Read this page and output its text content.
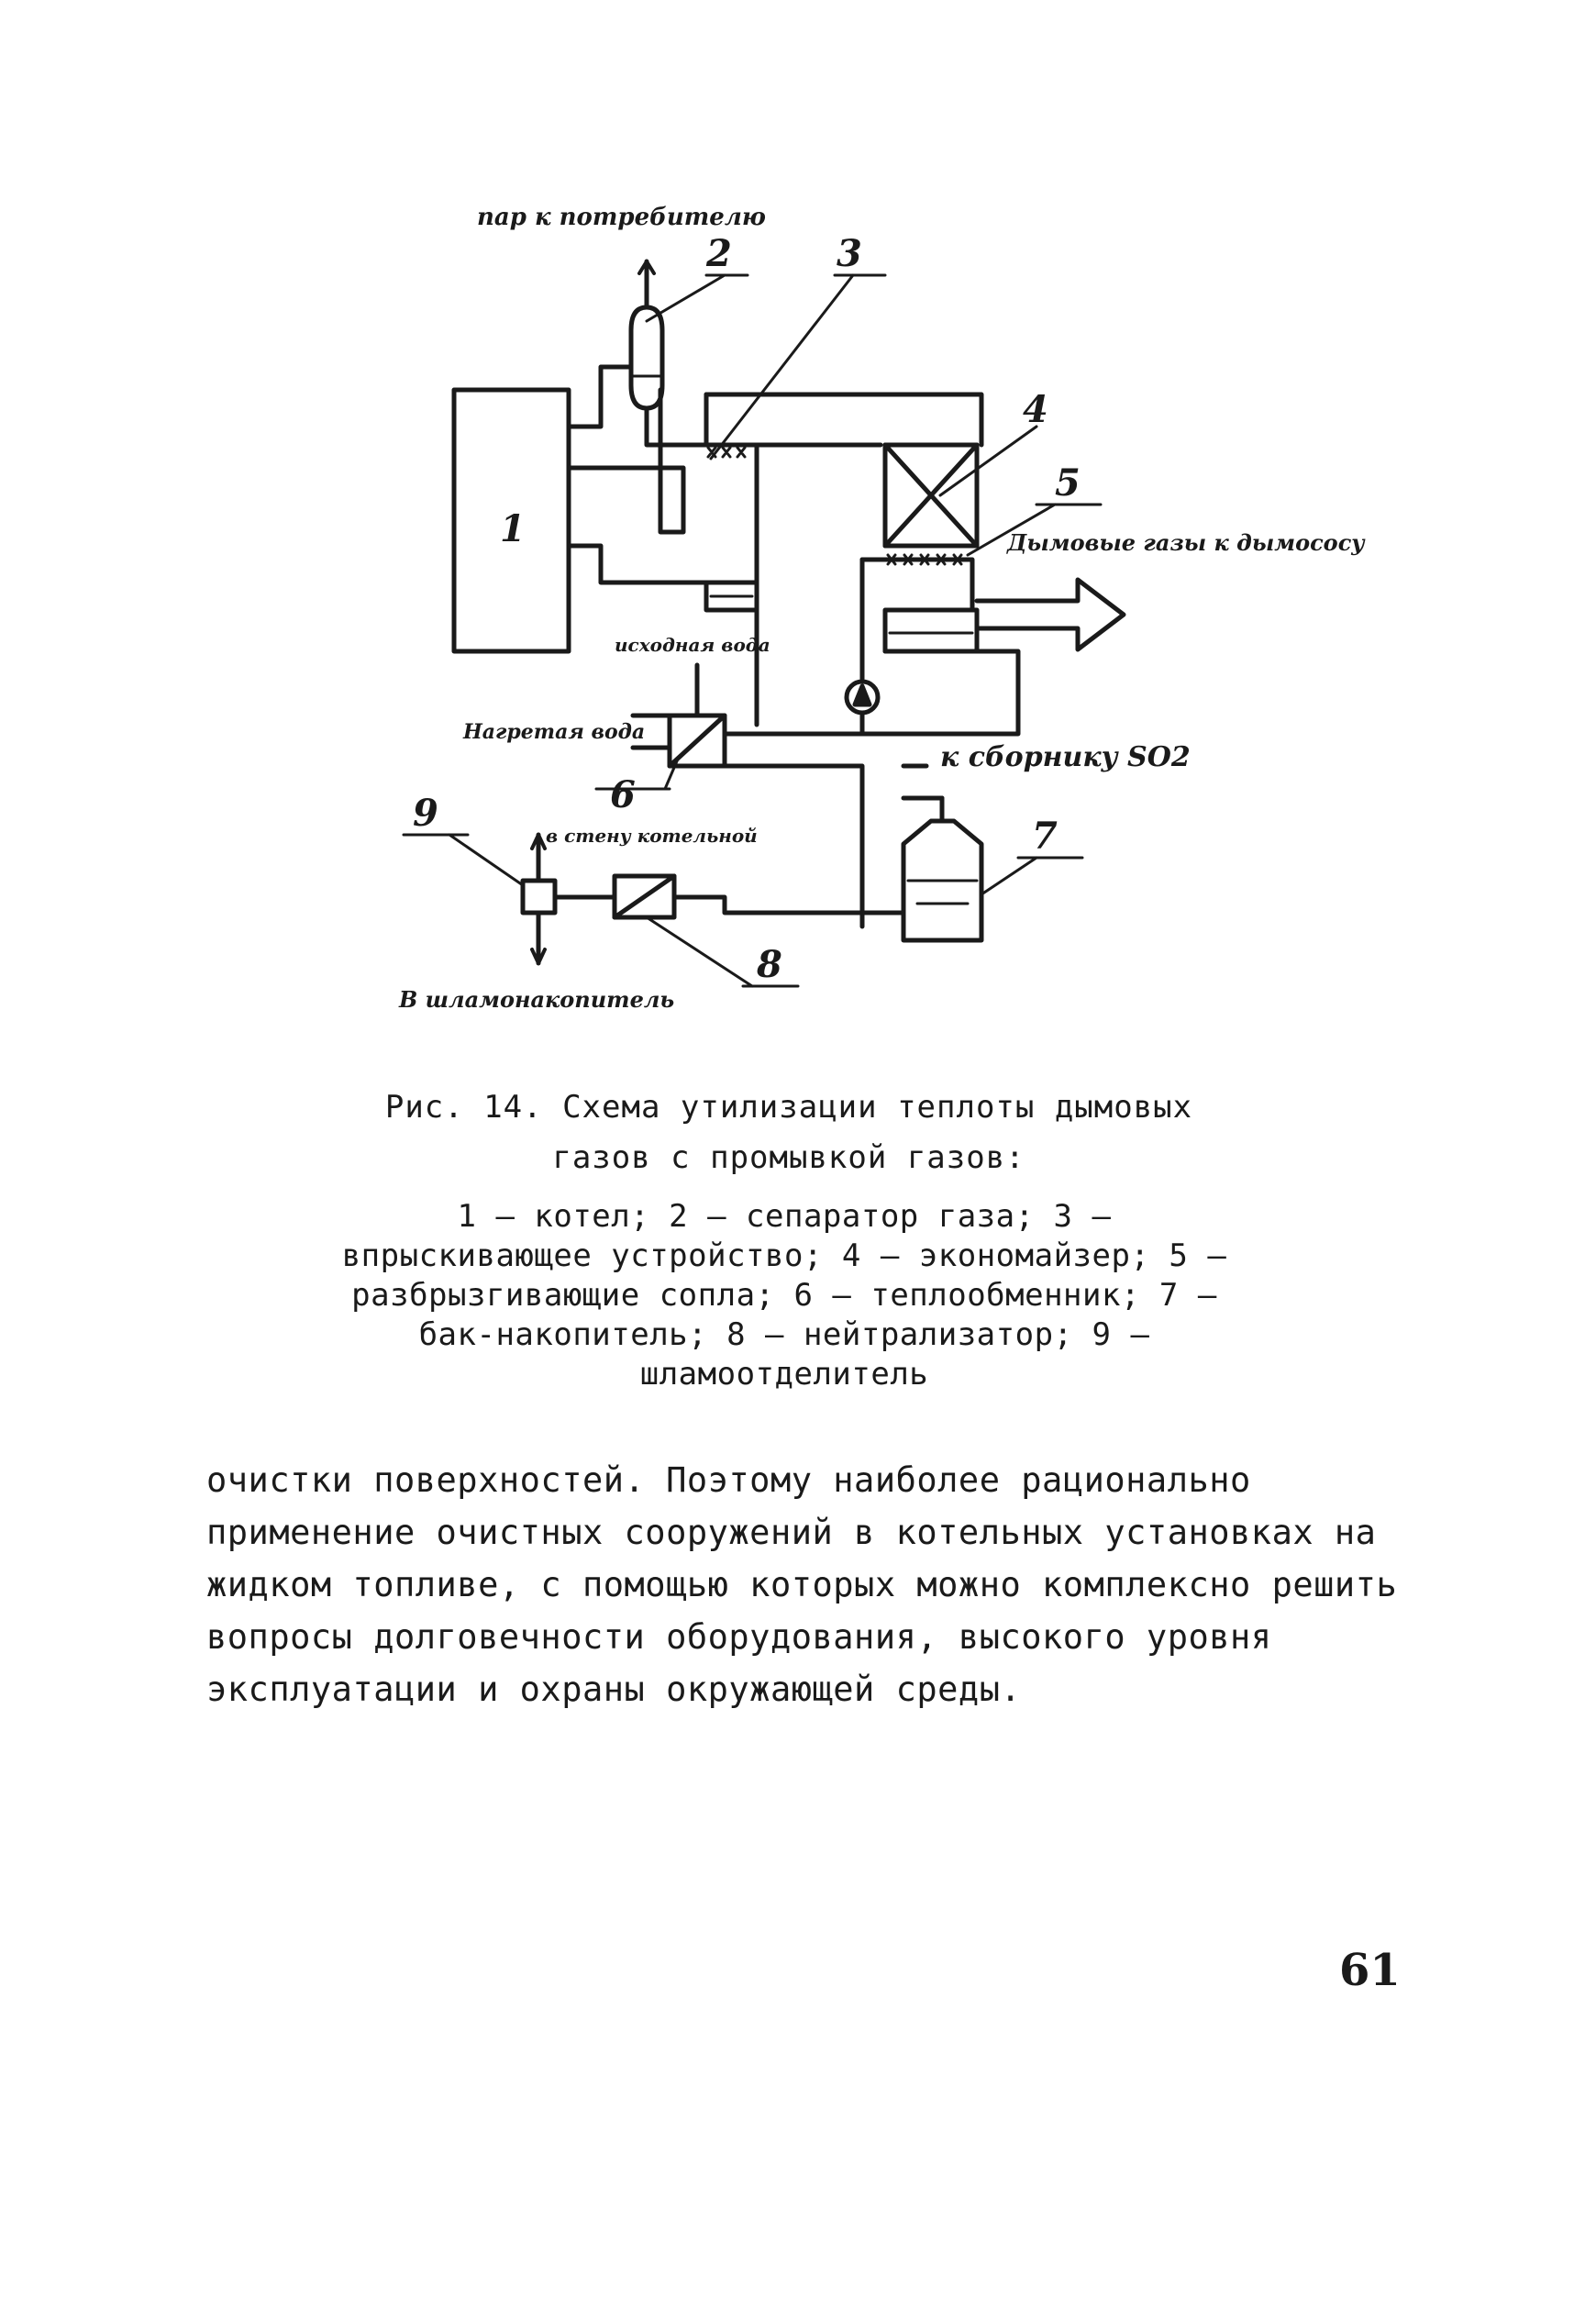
пар к потребителю
Дымовые газы к дымососу
исходная вода
Нагретая вода
к сборнику SO2
в стену котельной
В шламонакопитель
1
2	3
4
5
6
7
8
9
Рис. 14. Схема утилизации теплоты дымовых
газов с промывкой газов:
1 – котел; 2 – сепаратор газа; 3 – впрыскивающее устройство; 4 – экономайзер; 5 – разбрызгивающие сопла; 6 – теплообменник; 7 – бак-накопитель; 8 – нейтрализатор; 9 – шламоотделитель
очистки поверхностей. Поэтому наиболее рационально применение очистных сооружений в котельных установках на жидком топливе, с помощью которых можно комплексно решить вопросы долговечности оборудования, высокого уровня эксплуатации и охраны окружающей среды.
61
